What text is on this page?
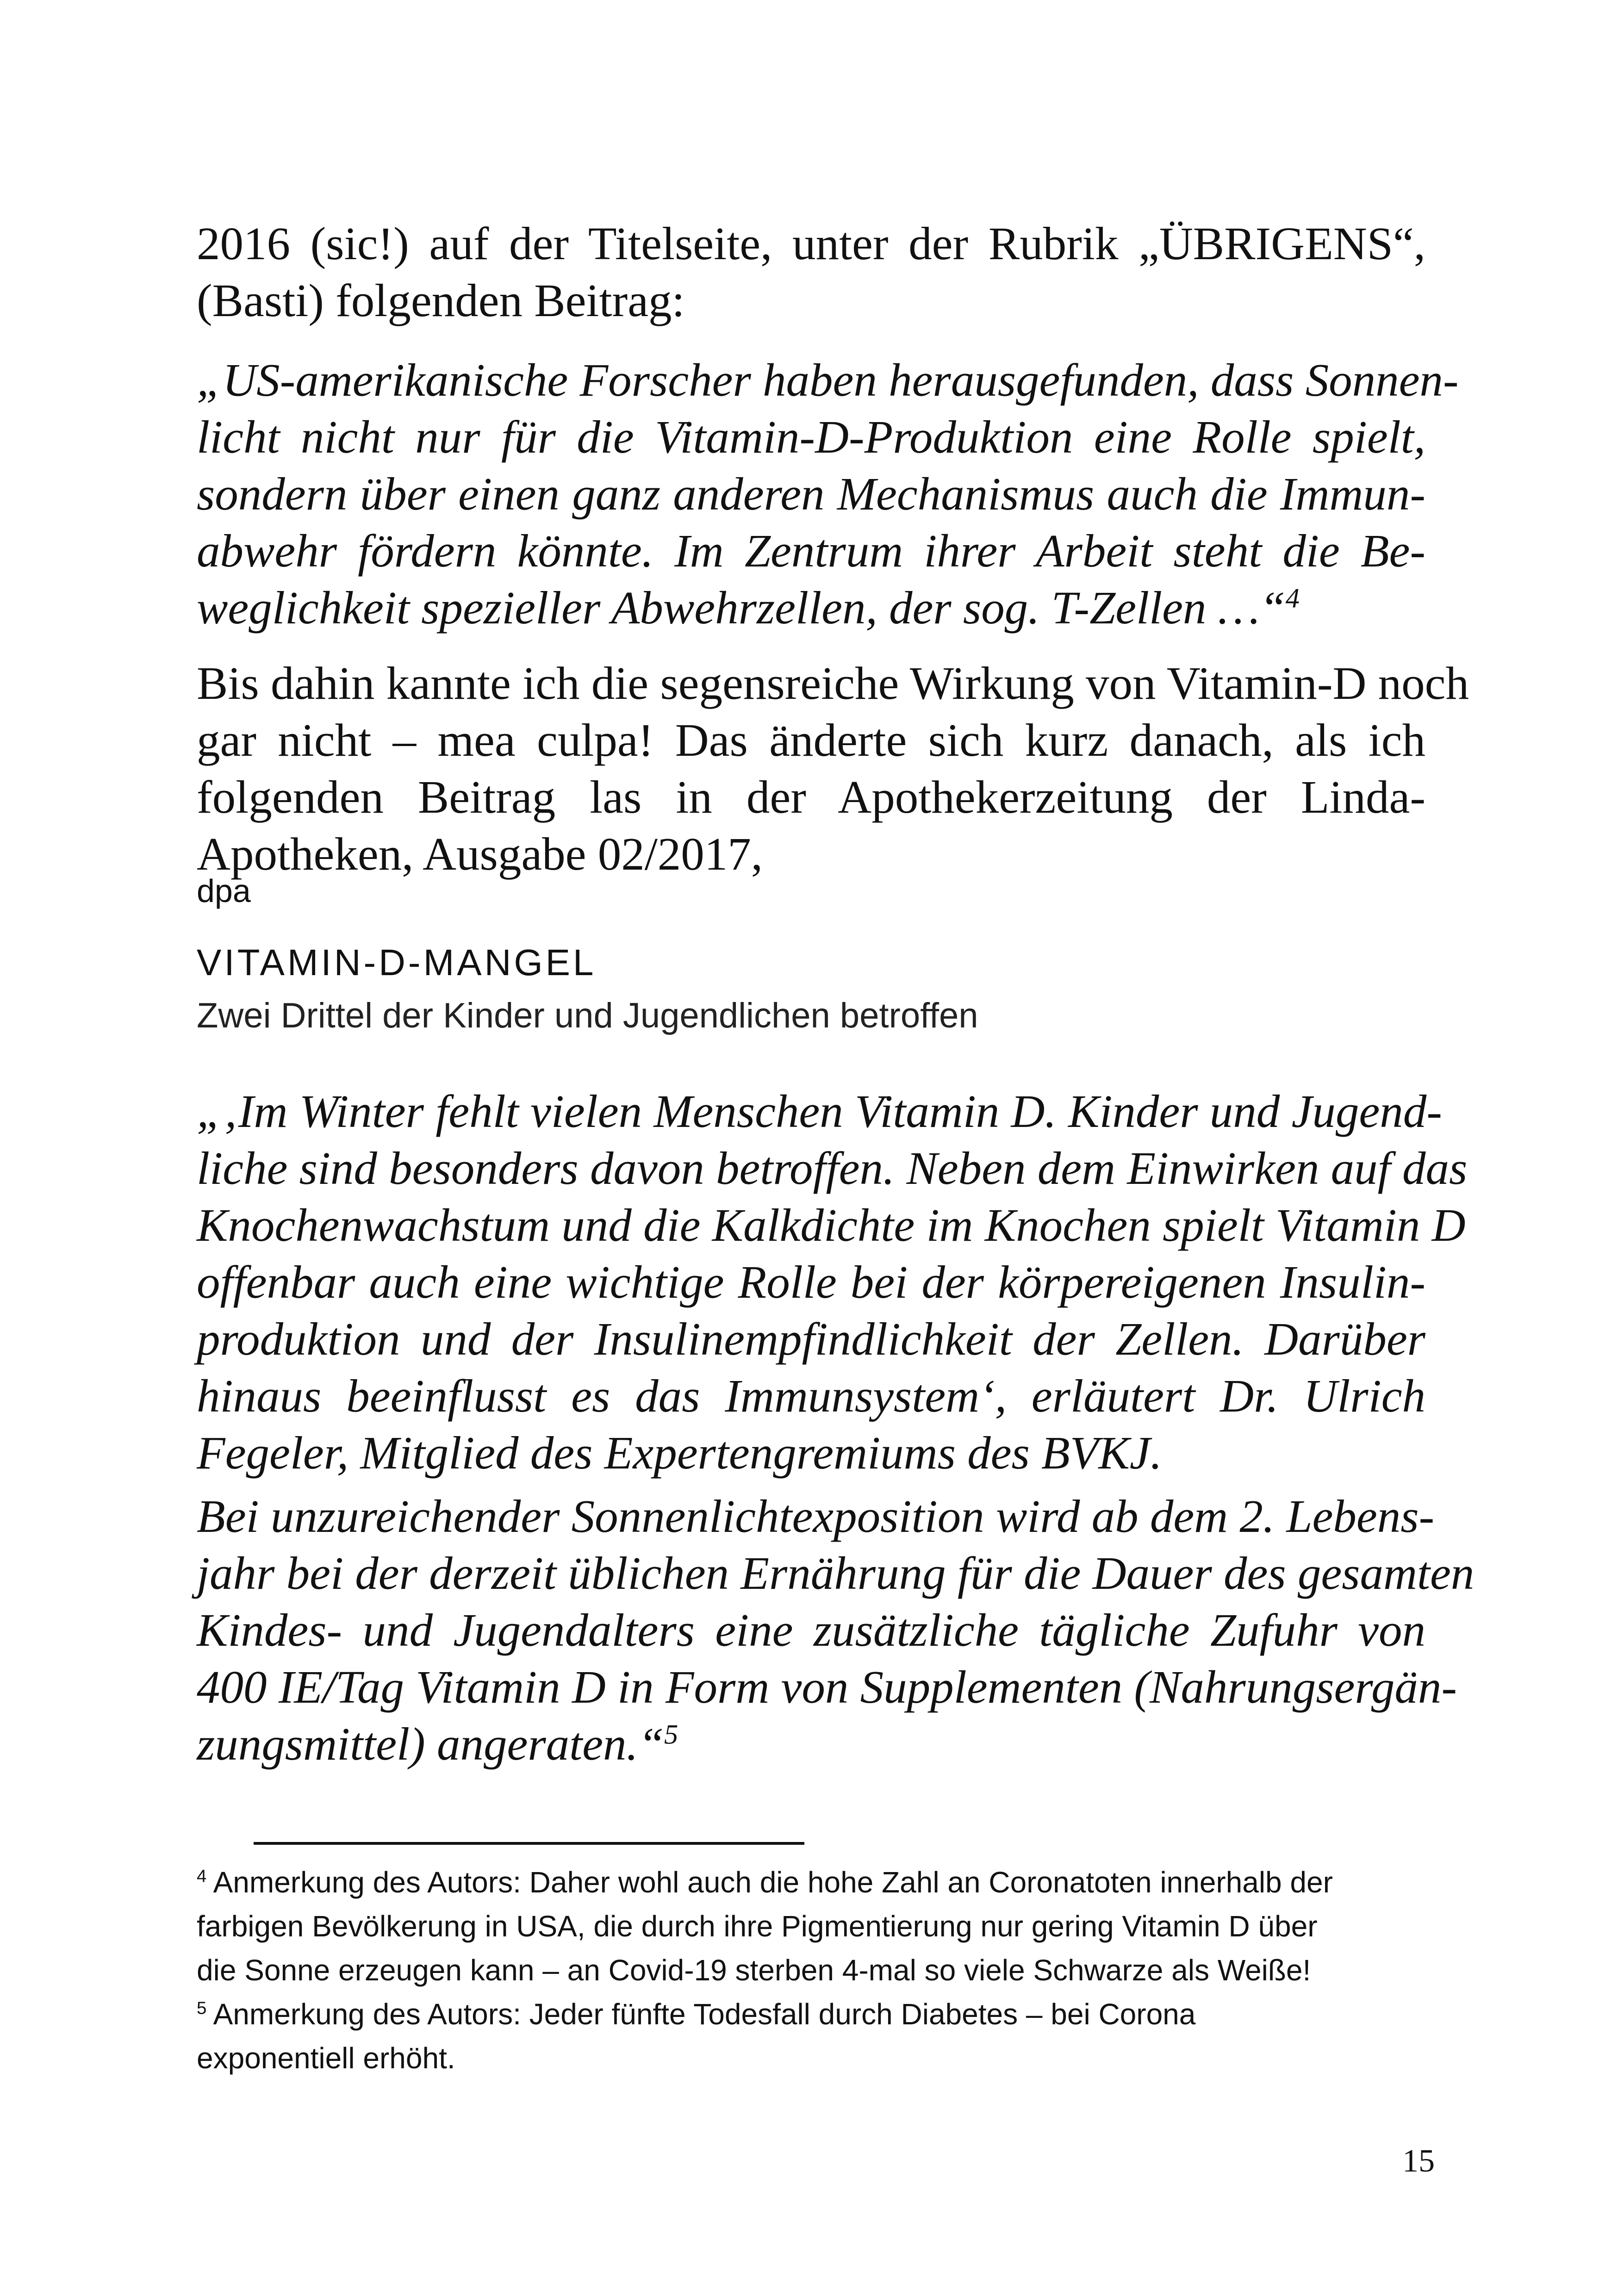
2016 (sic!) auf der Titelseite, unter der Rubrik „ÜBRIGENS“,
(Basti) folgenden Beitrag:

„US-amerikanische Forscher haben herausgefunden, dass Sonnen-
licht nicht nur für die Vitamin-D-Produktion eine Rolle spielt,
sondern über einen ganz anderen Mechanismus auch die Immun-
abwehr fördern könnte. Im Zentrum ihrer Arbeit steht die Be-
weglichkeit spezieller Abwehrzellen, der sog. T-Zellen …“$^4$

Bis dahin kannte ich die segensreiche Wirkung von Vitamin-D noch
gar nicht – mea culpa! Das änderte sich kurz danach, als ich
folgenden Beitrag las in der Apothekerzeitung der Linda-
Apotheken, Ausgabe 02/2017,

dpa
VITAMIN-D-MANGEL
Zwei Drittel der Kinder und Jugendlichen betroffen

„‚Im Winter fehlt vielen Menschen Vitamin D. Kinder und Jugend-
liche sind besonders davon betroffen. Neben dem Einwirken auf das
Knochenwachstum und die Kalkdichte im Knochen spielt Vitamin D
offenbar auch eine wichtige Rolle bei der körpereigenen Insulin-
produktion und der Insulinempfindlichkeit der Zellen. Darüber
hinaus beeinflusst es das Immunsystem‘, erläutert Dr. Ulrich
Fegeler, Mitglied des Expertengremiums des BVKJ.

Bei unzureichender Sonnenlichtexposition wird ab dem 2. Lebens-
jahr bei der derzeit üblichen Ernährung für die Dauer des gesamten
Kindes- und Jugendalters eine zusätzliche tägliche Zufuhr von
400 IE/Tag Vitamin D in Form von Supplementen (Nahrungsergän-
zungsmittel) angeraten.“$^5$

$^4$ Anmerkung des Autors: Daher wohl auch die hohe Zahl an Coronatoten innerhalb der
farbigen Bevölkerung in USA, die durch ihre Pigmentierung nur gering Vitamin D über
die Sonne erzeugen kann – an Covid-19 sterben 4-mal so viele Schwarze als Weiße!
$^5$ Anmerkung des Autors: Jeder fünfte Todesfall durch Diabetes – bei Corona
exponentiell erhöht.
15
